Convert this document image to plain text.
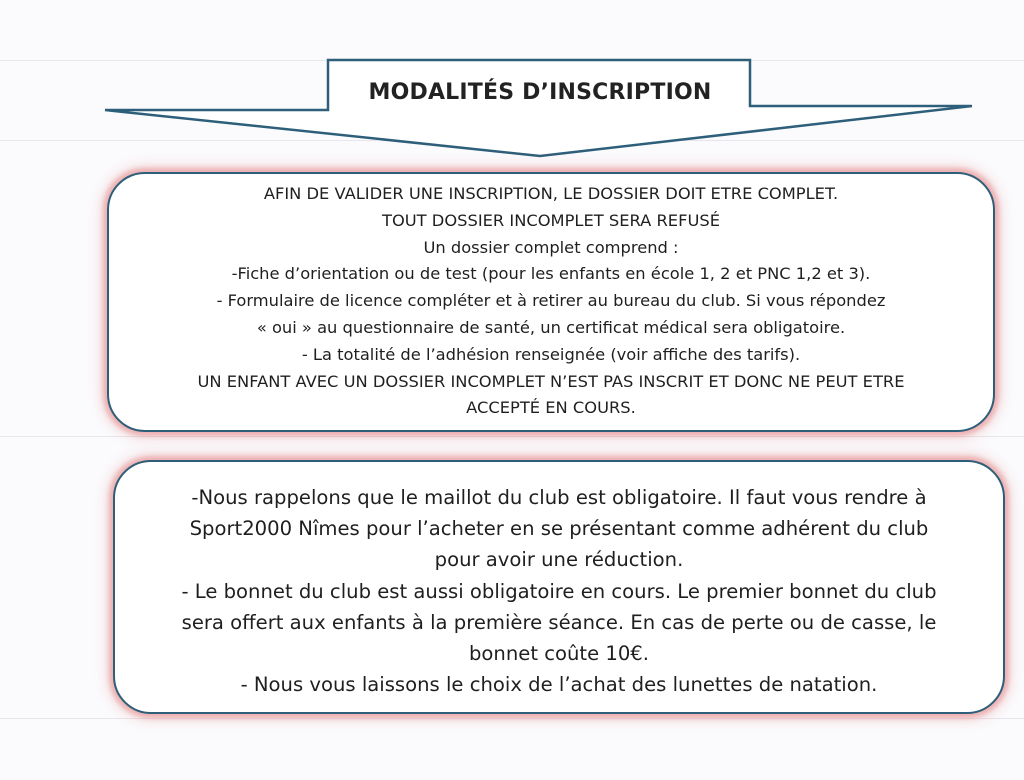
MODALITÉS D’INSCRIPTION
AFIN DE VALIDER UNE INSCRIPTION, LE DOSSIER DOIT ETRE COMPLET.
TOUT DOSSIER INCOMPLET SERA REFUSÉ
Un dossier complet comprend :
-Fiche d’orientation ou de test (pour les enfants en école 1, 2 et PNC 1,2 et 3).
- Formulaire de licence compléter et à retirer au bureau du club. Si vous répondez
« oui » au questionnaire de santé, un certificat médical sera obligatoire.
- La totalité de l’adhésion renseignée (voir affiche des tarifs).
UN ENFANT AVEC UN DOSSIER INCOMPLET N’EST PAS INSCRIT ET DONC NE PEUT ETRE
ACCEPTÉ EN COURS.
-Nous rappelons que le maillot du club est obligatoire. Il faut vous rendre à
Sport2000 Nîmes pour l’acheter en se présentant comme adhérent du club
pour avoir une réduction.
- Le bonnet du club est aussi obligatoire en cours. Le premier bonnet du club
sera offert aux enfants à la première séance. En cas de perte ou de casse, le
bonnet coûte 10€.
- Nous vous laissons le choix de l’achat des lunettes de natation.
